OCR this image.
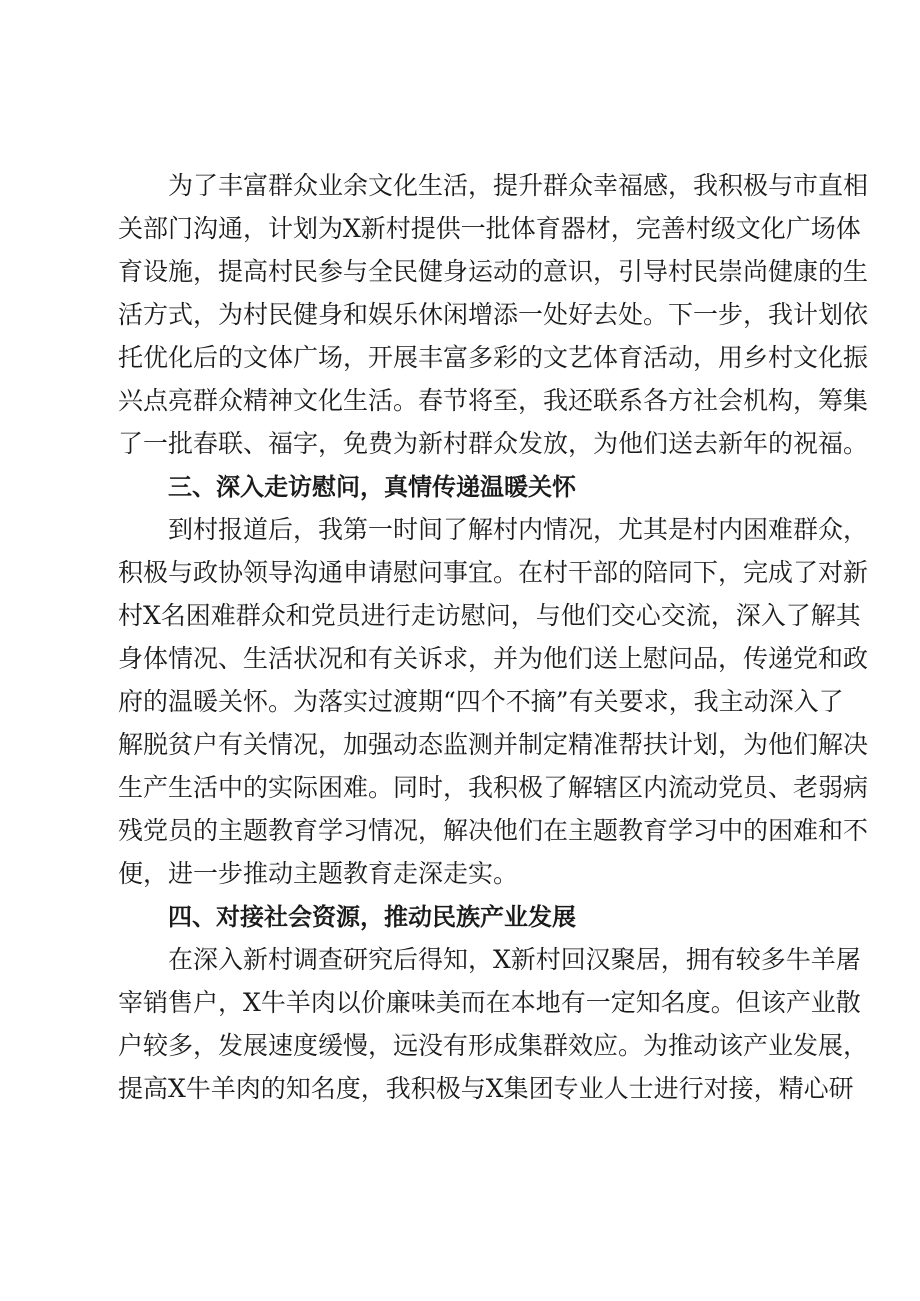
为了丰富群众业余文化生活，提升群众幸福感，我积极与市直相
关部门沟通，计划为X新村提供一批体育器材，完善村级文化广场体
育设施，提高村民参与全民健身运动的意识，引导村民崇尚健康的生
活方式，为村民健身和娱乐休闲增添一处好去处。下一步，我计划依
托优化后的文体广场，开展丰富多彩的文艺体育活动，用乡村文化振
兴点亮群众精神文化生活。春节将至，我还联系各方社会机构，筹集
了一批春联、福字，免费为新村群众发放，为他们送去新年的祝福。
三、深入走访慰问，真情传递温暖关怀
到村报道后，我第一时间了解村内情况，尤其是村内困难群众，
积极与政协领导沟通申请慰问事宜。在村干部的陪同下，完成了对新
村X名困难群众和党员进行走访慰问，与他们交心交流，深入了解其
身体情况、生活状况和有关诉求，并为他们送上慰问品，传递党和政
府的温暖关怀。为落实过渡期“四个不摘”有关要求，我主动深入了
解脱贫户有关情况，加强动态监测并制定精准帮扶计划，为他们解决
生产生活中的实际困难。同时，我积极了解辖区内流动党员、老弱病
残党员的主题教育学习情况，解决他们在主题教育学习中的困难和不
便，进一步推动主题教育走深走实。
四、对接社会资源，推动民族产业发展
在深入新村调查研究后得知，X新村回汉聚居，拥有较多牛羊屠
宰销售户，X牛羊肉以价廉味美而在本地有一定知名度。但该产业散
户较多，发展速度缓慢，远没有形成集群效应。为推动该产业发展，
提高X牛羊肉的知名度，我积极与X集团专业人士进行对接，精心研
